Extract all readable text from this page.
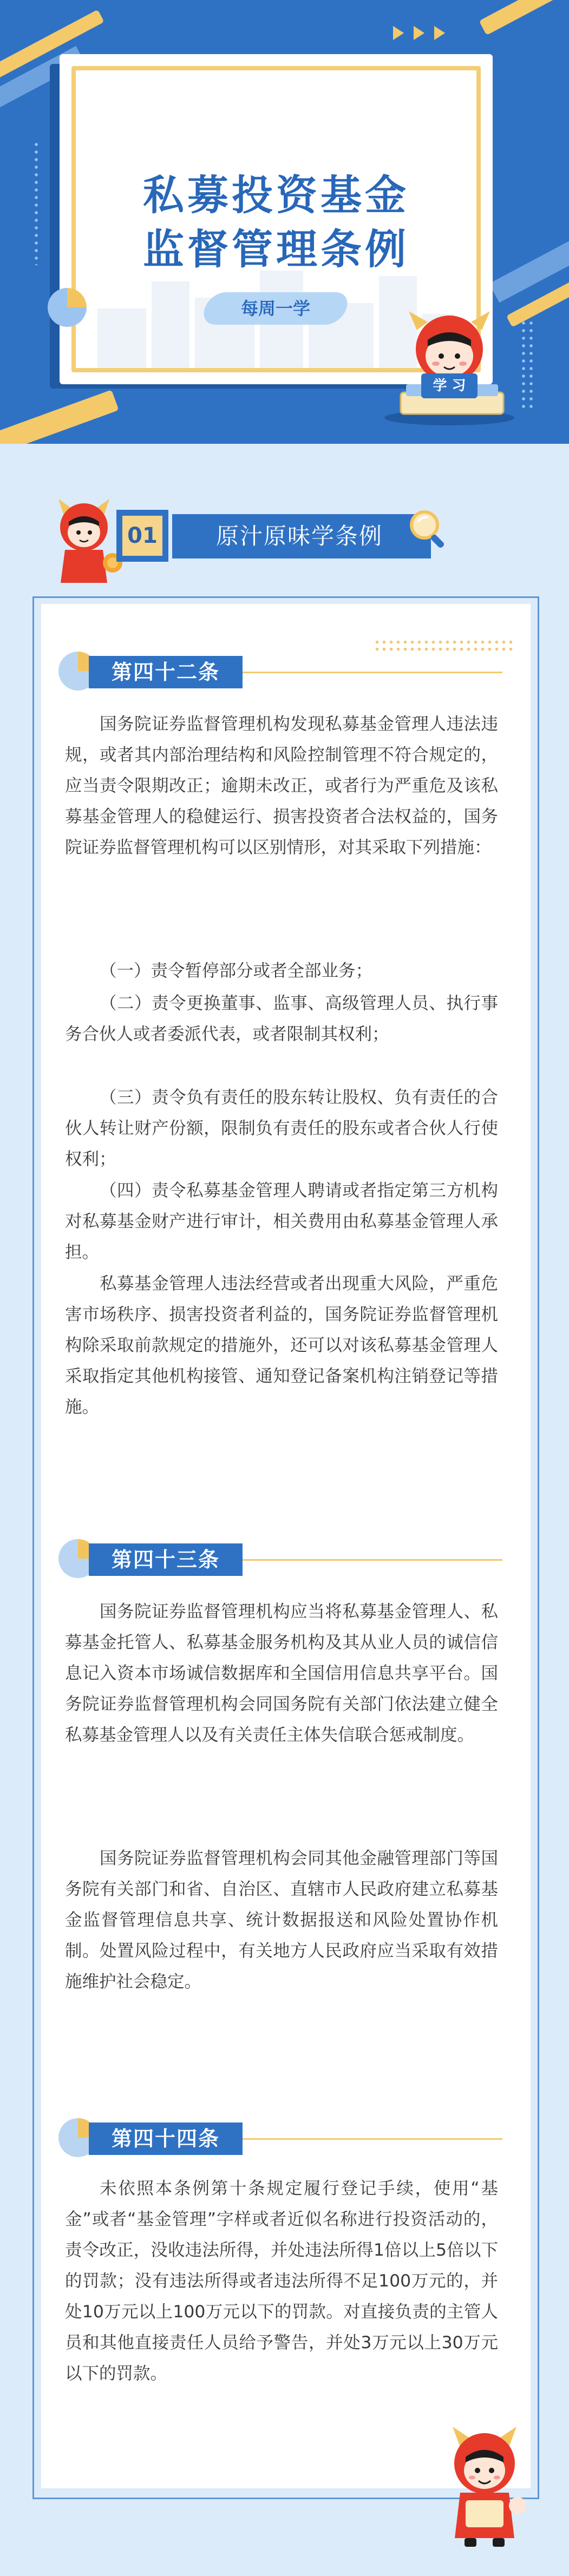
私募投资基金
监督管理条例
每周一学
学 习
01	原汁原味学条例
第四十二条

国务院证券监督管理机构发现私募基金管理人违法违规，或者其内部治理结构和风险控制管理不符合规定的，应当责令限期改正；逾期未改正，或者行为严重危及该私募基金管理人的稳健运行、损害投资者合法权益的，国务院证券监督管理机构可以区别情形，对其采取下列措施：

（一）责令暂停部分或者全部业务；

（二）责令更换董事、监事、高级管理人员、执行事务合伙人或者委派代表，或者限制其权利；

（三）责令负有责任的股东转让股权、负有责任的合伙人转让财产份额，限制负有责任的股东或者合伙人行使权利；

（四）责令私募基金管理人聘请或者指定第三方机构对私募基金财产进行审计，相关费用由私募基金管理人承担。

私募基金管理人违法经营或者出现重大风险，严重危害市场秩序、损害投资者利益的，国务院证券监督管理机构除采取前款规定的措施外，还可以对该私募基金管理人采取指定其他机构接管、通知登记备案机构注销登记等措施。

第四十三条

国务院证券监督管理机构应当将私募基金管理人、私募基金托管人、私募基金服务机构及其从业人员的诚信信息记入资本市场诚信数据库和全国信用信息共享平台。国务院证券监督管理机构会同国务院有关部门依法建立健全私募基金管理人以及有关责任主体失信联合惩戒制度。

国务院证券监督管理机构会同其他金融管理部门等国务院有关部门和省、自治区、直辖市人民政府建立私募基金监督管理信息共享、统计数据报送和风险处置协作机制。处置风险过程中，有关地方人民政府应当采取有效措施维护社会稳定。

第四十四条

未依照本条例第十条规定履行登记手续，使用“基金”或者“基金管理”字样或者近似名称进行投资活动的，责令改正，没收违法所得，并处违法所得1倍以上5倍以下的罚款；没有违法所得或者违法所得不足100万元的，并处10万元以上100万元以下的罚款。对直接负责的主管人员和其他直接责任人员给予警告，并处3万元以上30万元以下的罚款。
